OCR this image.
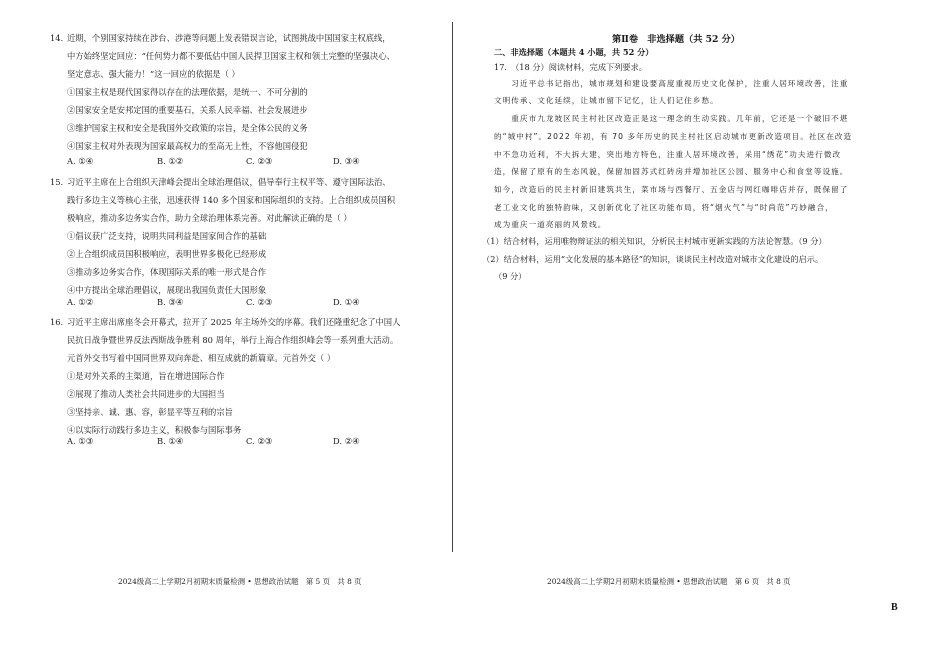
14. 近期，个别国家持续在涉台、涉港等问题上发表错误言论，试图挑战中国国家主权底线，
中方始终坚定回应：“任何势力都不要低估中国人民捍卫国家主权和领土完整的坚强决心、
坚定意志、强大能力！”这一回应的依据是（ ）
①国家主权是现代国家得以存在的法理依据，是统一、不可分割的
②国家安全是安邦定国的重要基石，关系人民幸福、社会发展进步
③维护国家主权和安全是我国外交政策的宗旨，是全体公民的义务
④国家主权对外表现为国家最高权力的至高无上性，不容他国侵犯
A. ①④	B. ①②	C. ②③	D. ③④
15. 习近平主席在上合组织天津峰会提出全球治理倡议，倡导奉行主权平等、遵守国际法治、
践行多边主义等核心主张，迅速获得 140 多个国家和国际组织的支持。上合组织成员国积
极响应，推动多边务实合作，助力全球治理体系完善。对此解读正确的是（ ）
①倡议获广泛支持，说明共同利益是国家间合作的基础
②上合组织成员国积极响应，表明世界多极化已经形成
③推动多边务实合作，体现国际关系的唯一形式是合作
④中方提出全球治理倡议，展现出我国负责任大国形象
A. ①②	B. ③④	C. ②③	D. ①④
16. 习近平主席出席座冬会开幕式，拉开了 2025 年主场外交的序幕。我们还隆重纪念了中国人
民抗日战争暨世界反法西斯战争胜利 80 周年，举行上海合作组织峰会等一系列重大活动。
元首外交书写着中国同世界双向奔赴、相互成就的新篇章。元首外交（ ）
①是对外关系的主渠道，旨在增进国际合作
②展现了推动人类社会共同进步的大国担当
③坚持亲、诚、惠、容，彰显平等互利的宗旨
④以实际行动践行多边主义，积极参与国际事务
A. ①③	B. ①④	C. ②③	D. ②④
2024级高二上学期2月初期末质量检测 • 思想政治试题　第 5 页　共 8 页
第Ⅱ卷　非选择题（共 52 分）
二、非选择题（本题共 4 小题，共 52 分）
17.　（18 分）阅读材料，完成下列要求。
　　习近平总书记指出，城市规划和建设要高度重视历史文化保护，注重人居环境改善，注重
文明传承、文化延续，让城市留下记忆，让人们记住乡愁。
　　重庆市九龙坡区民主村社区改造正是这一理念的生动实践。几年前，它还是一个破旧不堪
的“城中村”。2022 年初，有 70 多年历史的民主村社区启动城市更新改造项目。社区在改造
中不急功近利，不大拆大建，突出地方特色，注重人居环境改善，采用“绣花”功夫进行微改
造，保留了原有的生态风貌，保留加固苏式红砖房并增加社区公园、服务中心和食堂等设施。
如今，改造后的民主村新旧建筑共生，菜市场与西餐厅、五金店与网红咖啡店并存，既保留了
老工业文化的独特韵味，又创新优化了社区功能布局，将“烟火气”与“时尚范”巧妙融合，
成为重庆一道亮丽的风景线。
（1）结合材料，运用唯物辩证法的相关知识，分析民主村城市更新实践的方法论智慧。（9 分）
（2）结合材料，运用“文化发展的基本路径”的知识，谈谈民主村改造对城市文化建设的启示。
（9 分）
2024级高二上学期2月初期末质量检测 • 思想政治试题　第 6 页　共 8 页
B
